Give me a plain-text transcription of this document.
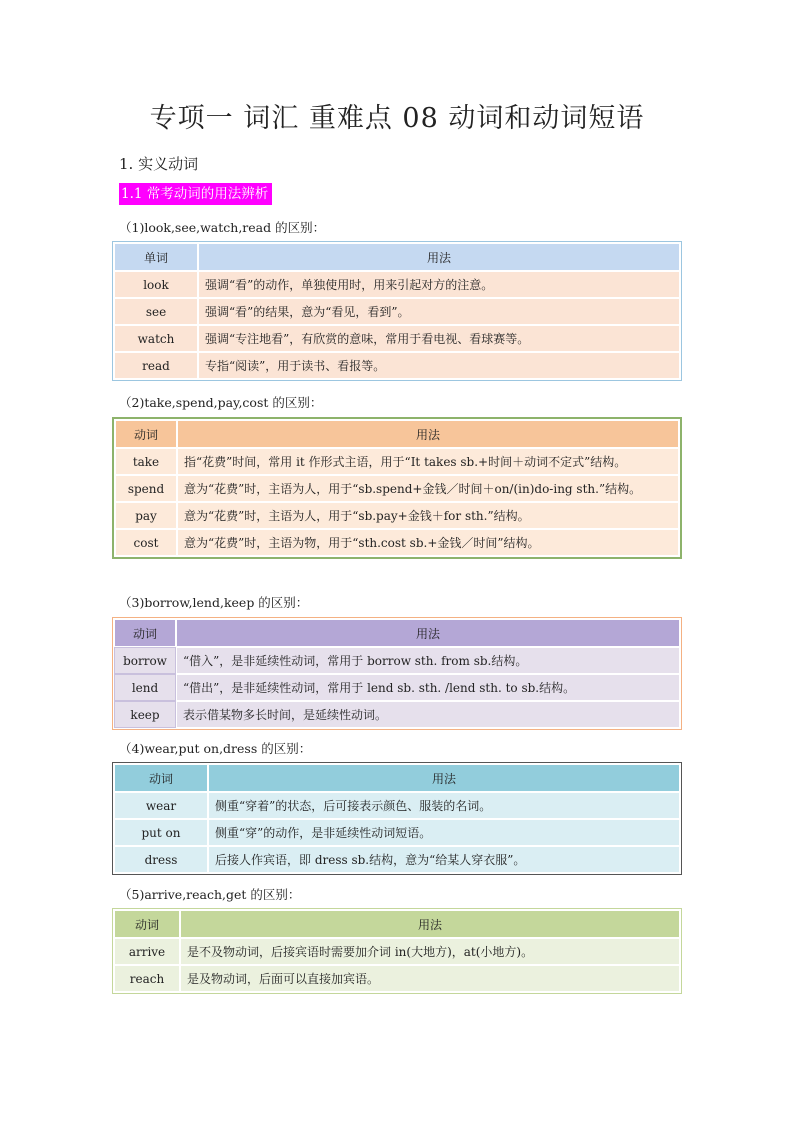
专项一 词汇 重难点 08 动词和动词短语
1. 实义动词
1.1 常考动词的用法辨析
（1)look,see,watch,read 的区别：
单词	用法
look	强调“看”的动作，单独使用时，用来引起对方的注意。
see	强调“看”的结果，意为“看见，看到”。
watch	强调“专注地看”，有欣赏的意味，常用于看电视、看球赛等。
read	专指“阅读”，用于读书、看报等。
（2)take,spend,pay,cost 的区别：
动词	用法
take	指“花费”时间，常用 it 作形式主语，用于“It takes sb.+时间＋动词不定式”结构。
spend	意为“花费”时，主语为人，用于“sb.spend+金钱／时间＋on/(in)do-ing sth.”结构。
pay	意为“花费”时，主语为人，用于“sb.pay+金钱＋for sth.”结构。
cost	意为“花费”时，主语为物，用于“sth.cost sb.+金钱／时间”结构。
（3)borrow,lend,keep 的区别：
动词	用法
borrow	“借入”，是非延续性动词，常用于 borrow sth. from sb.结构。
lend	“借出”，是非延续性动词，常用于 lend sb. sth. /lend sth. to sb.结构。
keep	表示借某物多长时间，是延续性动词。
（4)wear,put on,dress 的区别：
动词	用法
wear	侧重“穿着”的状态，后可接表示颜色、服装的名词。
put on	侧重“穿”的动作，是非延续性动词短语。
dress	后接人作宾语，即 dress sb.结构，意为“给某人穿衣服”。
（5)arrive,reach,get 的区别：
动词	用法
arrive	是不及物动词，后接宾语时需要加介词 in(大地方)，at(小地方)。
reach	是及物动词，后面可以直接加宾语。
